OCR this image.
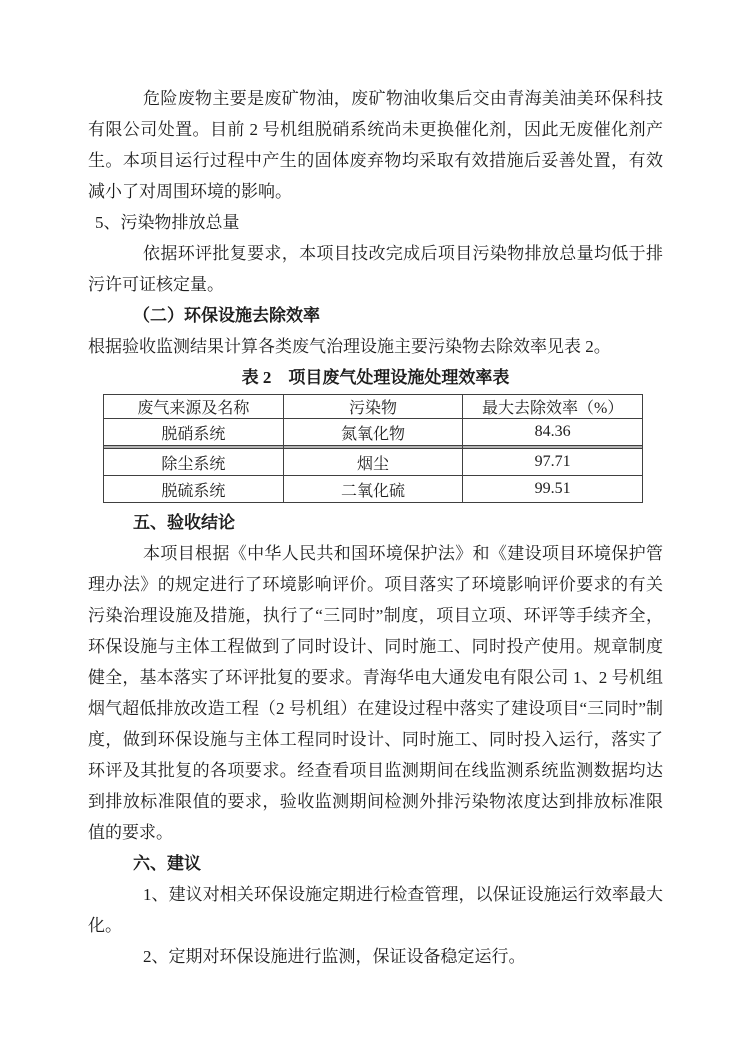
危险废物主要是废矿物油，废矿物油收集后交由青海美油美环保科技有限公司处置。目前 2 号机组脱硝系统尚未更换催化剂，因此无废催化剂产生。本项目运行过程中产生的固体废弃物均采取有效措施后妥善处置，有效减小了对周围环境的影响。

5、污染物排放总量

依据环评批复要求，本项目技改完成后项目污染物排放总量均低于排污许可证核定量。

（二）环保设施去除效率

根据验收监测结果计算各类废气治理设施主要污染物去除效率见表 2。

表 2　项目废气处理设施处理效率表
废气来源及名称	污染物	最大去除效率（%）
脱硝系统	氮氧化物	84.36

除尘系统	烟尘	97.71
脱硫系统	二氧化硫	99.51

五、验收结论

本项目根据《中华人民共和国环境保护法》和《建设项目环境保护管理办法》的规定进行了环境影响评价。项目落实了环境影响评价要求的有关污染治理设施及措施，执行了“三同时”制度，项目立项、环评等手续齐全，环保设施与主体工程做到了同时设计、同时施工、同时投产使用。规章制度健全，基本落实了环评批复的要求。青海华电大通发电有限公司 1、2 号机组烟气超低排放改造工程（2 号机组）在建设过程中落实了建设项目“三同时”制度，做到环保设施与主体工程同时设计、同时施工、同时投入运行，落实了环评及其批复的各项要求。经查看项目监测期间在线监测系统监测数据均达到排放标准限值的要求，验收监测期间检测外排污染物浓度达到排放标准限值的要求。

六、建议

1、建议对相关环保设施定期进行检查管理，以保证设施运行效率最大化。

2、定期对环保设施进行监测，保证设备稳定运行。
